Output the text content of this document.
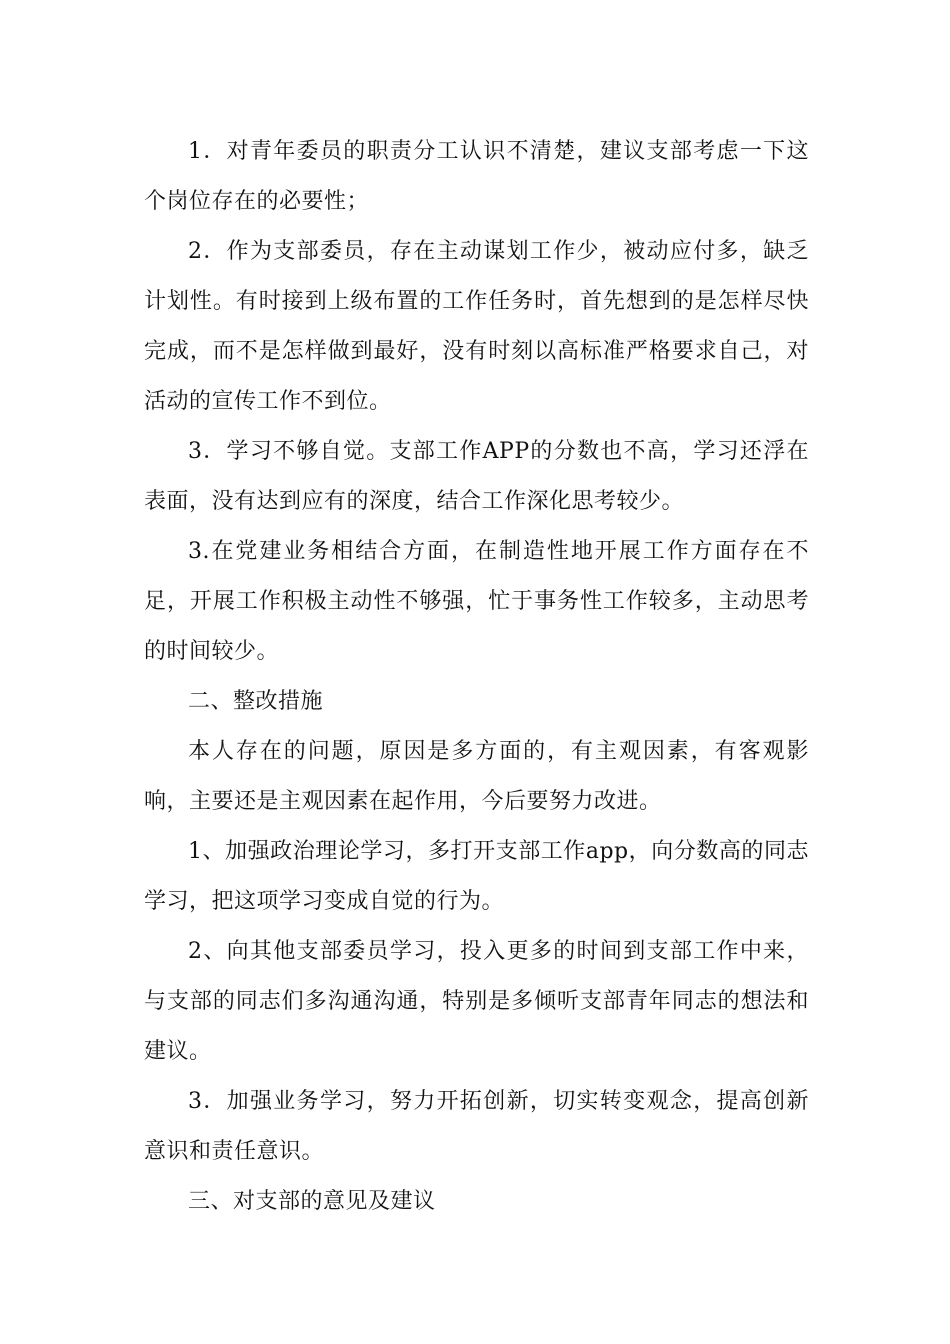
1．对青年委员的职责分工认识不清楚，建议支部考虑一下这个岗位存在的必要性；

2．作为支部委员，存在主动谋划工作少，被动应付多，缺乏计划性。有时接到上级布置的工作任务时，首先想到的是怎样尽快完成，而不是怎样做到最好，没有时刻以高标准严格要求自己，对活动的宣传工作不到位。

3．学习不够自觉。支部工作APP的分数也不高，学习还浮在表面，没有达到应有的深度，结合工作深化思考较少。

3.在党建业务相结合方面，在制造性地开展工作方面存在不足，开展工作积极主动性不够强，忙于事务性工作较多，主动思考的时间较少。

二、整改措施

本人存在的问题，原因是多方面的，有主观因素，有客观影响，主要还是主观因素在起作用，今后要努力改进。

1、加强政治理论学习，多打开支部工作app，向分数高的同志学习，把这项学习变成自觉的行为。

2、向其他支部委员学习，投入更多的时间到支部工作中来，与支部的同志们多沟通沟通，特别是多倾听支部青年同志的想法和建议。

3．加强业务学习，努力开拓创新，切实转变观念，提高创新意识和责任意识。

三、对支部的意见及建议
